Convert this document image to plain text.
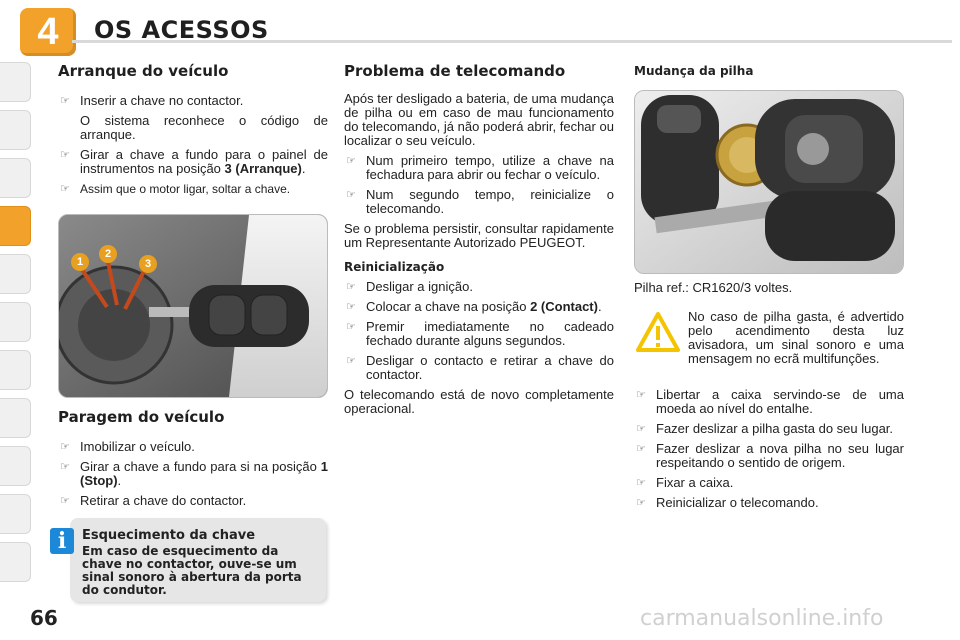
4	OS ACESSOS
Arranque do veículo
☞ Inserir a chave no contactor.
O sistema reconhece o código de arranque.
☞ Girar a chave a fundo para o painel de instrumentos na posição 3 (Arranque).
☞ Assim que o motor ligar, soltar a chave.
1
2
3
Paragem do veículo
☞ Imobilizar o veículo.
☞ Girar a chave a fundo para si na posição 1 (Stop).
☞ Retirar a chave do contactor.
i	Esquecimento da chave
Em caso de esquecimento da chave no contactor, ouve-se um sinal sonoro à abertura da porta do condutor.
Problema de telecomando
Após ter desligado a bateria, de uma mudança de pilha ou em caso de mau funcionamento do telecomando, já não poderá abrir, fechar ou localizar o seu veículo.
☞ Num primeiro tempo, utilize a chave na fechadura para abrir ou fechar o veículo.
☞ Num segundo tempo, reinicialize o telecomando.
Se o problema persistir, consultar rapidamente um Representante Autorizado PEUGEOT.
Reinicialização
☞ Desligar a ignição.
☞ Colocar a chave na posição 2 (Contact).
☞ Premir imediatamente no cadeado fechado durante alguns segundos.
☞ Desligar o contacto e retirar a chave do contactor.
O telecomando está de novo completamente operacional.
Mudança da pilha
Pilha ref.: CR1620/3 voltes.
No caso de pilha gasta, é advertido pelo acendimento desta luz avisadora, um sinal sonoro e uma mensagem no ecrã multifunções.
☞ Libertar a caixa servindo-se de uma moeda ao nível do entalhe.
☞ Fazer deslizar a pilha gasta do seu lugar.
☞ Fazer deslizar a nova pilha no seu lugar respeitando o sentido de origem.
☞ Fixar a caixa.
☞ Reinicializar o telecomando.
66	carmanualsonline.info
